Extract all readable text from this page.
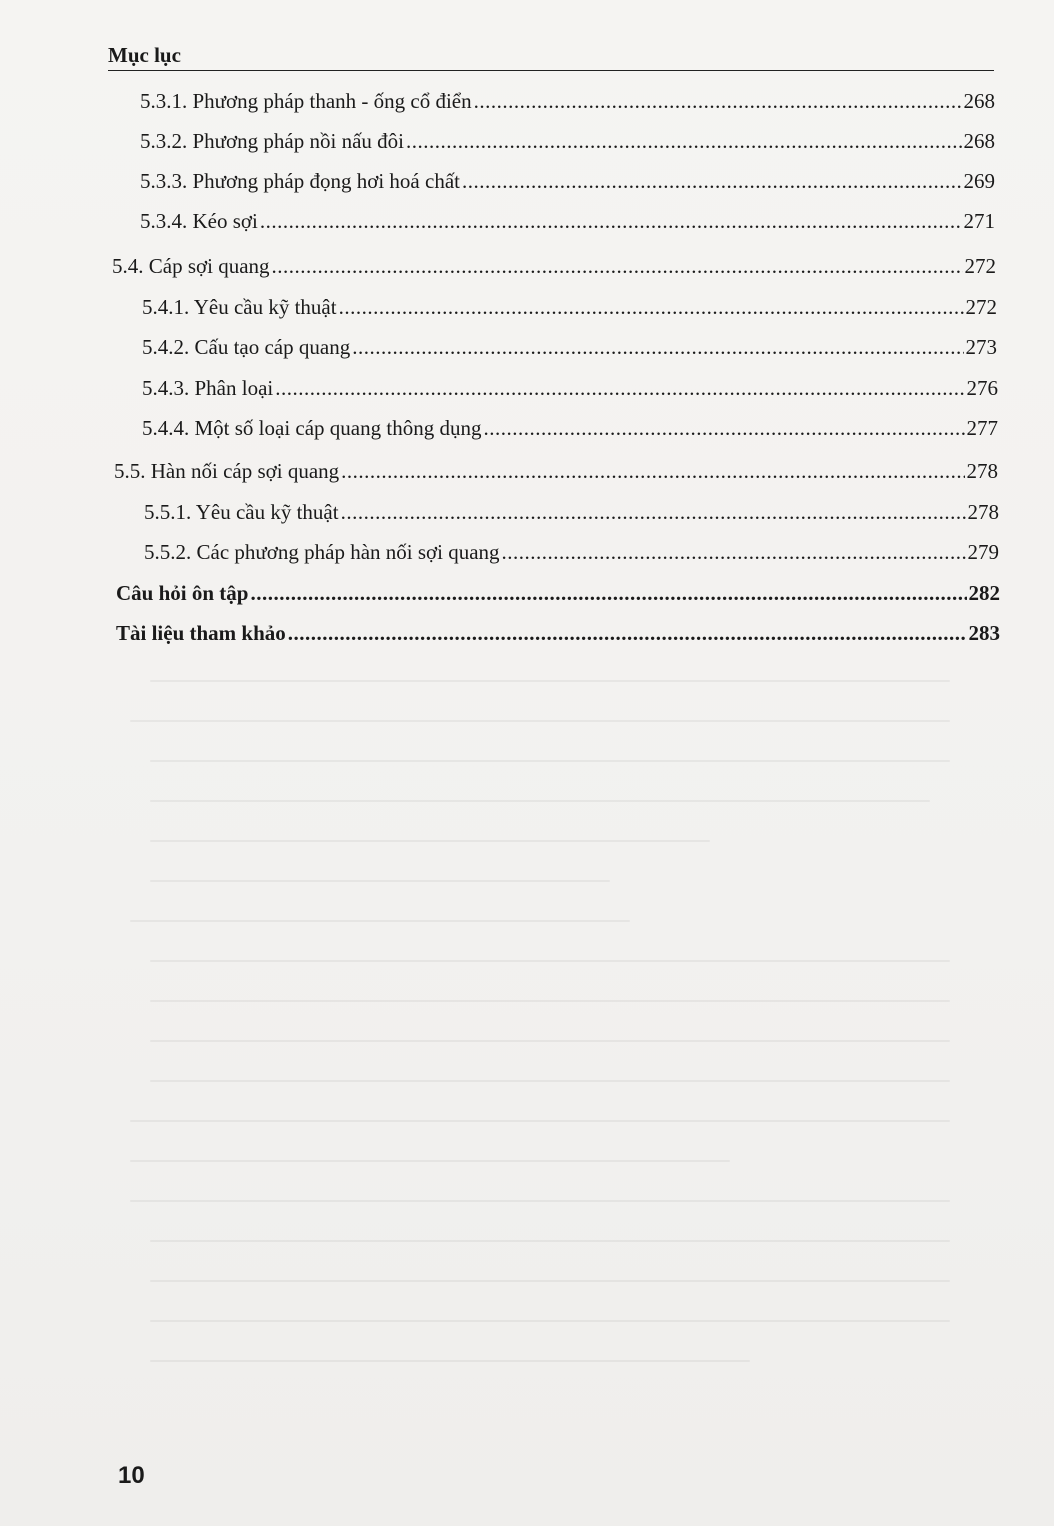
Mục lục
5.3.1. Phương pháp thanh - ống cổ điển .....	268
5.3.2. Phương pháp nồi nấu đôi .....	268
5.3.3. Phương pháp đọng hơi hoá chất .....	269
5.3.4. Kéo sợi .....	271
5.4. Cáp sợi quang .....	272
5.4.1. Yêu cầu kỹ thuật .....	272
5.4.2. Cấu tạo cáp quang .....	273
5.4.3. Phân loại .....	276
5.4.4. Một số loại cáp quang thông dụng .....	277
5.5. Hàn nối cáp sợi quang .....	278
5.5.1. Yêu cầu kỹ thuật .....	278
5.5.2. Các phương pháp hàn nối sợi quang .....	279
Câu hỏi ôn tập .....	282
Tài liệu tham khảo .....	283
10
